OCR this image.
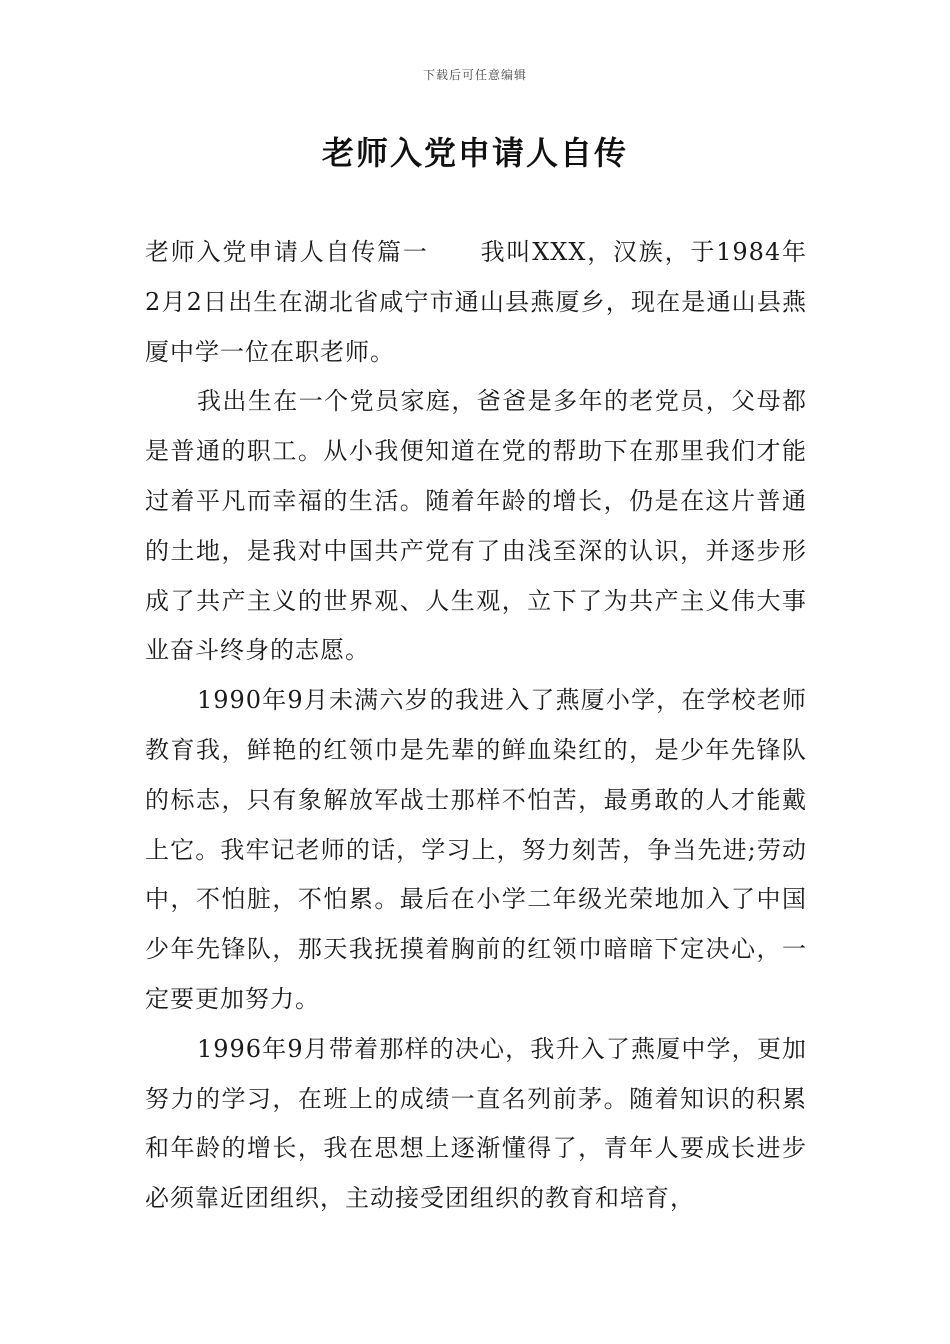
下载后可任意编辑
老师入党申请人自传

老师入党申请人自传篇一 我叫XXX，汉族，于1984年2月2日出生在湖北省咸宁市通山县燕厦乡，现在是通山县燕厦中学一位在职老师。

我出生在一个党员家庭，爸爸是多年的老党员，父母都是普通的职工。从小我便知道在党的帮助下在那里我们才能过着平凡而幸福的生活。随着年龄的增长，仍是在这片普通的土地，是我对中国共产党有了由浅至深的认识，并逐步形成了共产主义的世界观、人生观，立下了为共产主义伟大事业奋斗终身的志愿。

1990年9月未满六岁的我进入了燕厦小学，在学校老师教育我，鲜艳的红领巾是先辈的鲜血染红的，是少年先锋队的标志，只有象解放军战士那样不怕苦，最勇敢的人才能戴上它。我牢记老师的话，学习上，努力刻苦，争当先进;劳动中，不怕脏，不怕累。最后在小学二年级光荣地加入了中国少年先锋队，那天我抚摸着胸前的红领巾暗暗下定决心，一定要更加努力。

1996年9月带着那样的决心，我升入了燕厦中学，更加努力的学习，在班上的成绩一直名列前茅。随着知识的积累和年龄的增长，我在思想上逐渐懂得了，青年人要成长进步必须靠近团组织，主动接受团组织的教育和培育，
